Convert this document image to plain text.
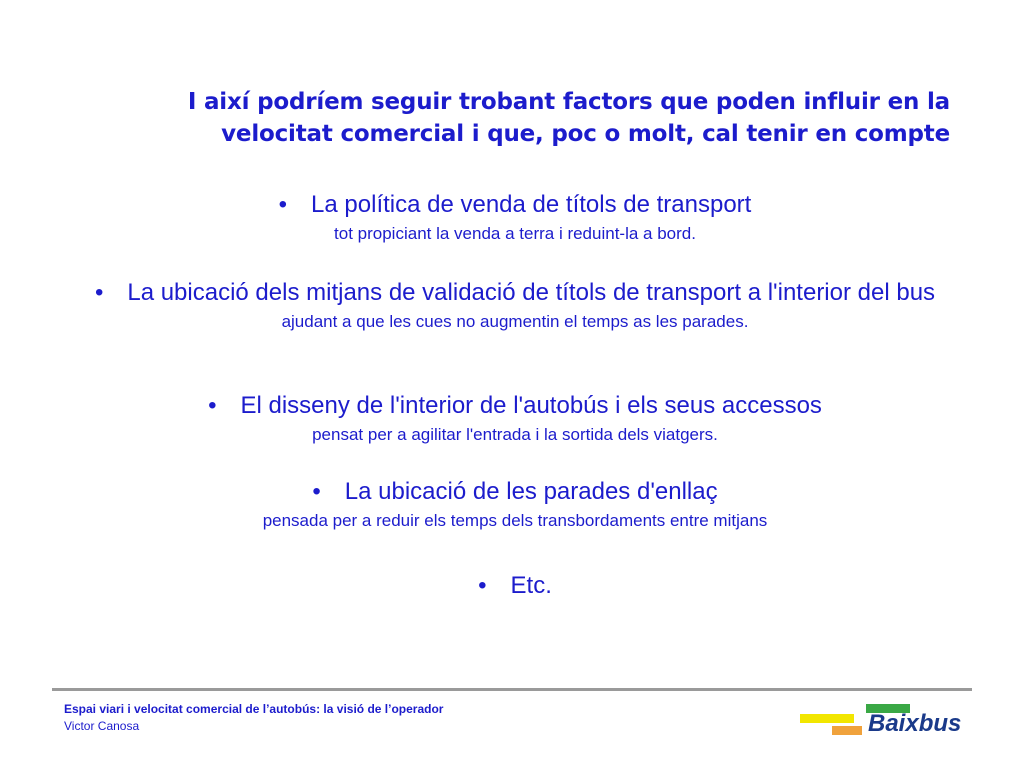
I així podríem seguir trobant factors que poden influir en la velocitat comercial i que, poc o molt, cal tenir en compte
• La política de venda de títols de transport
tot propiciant la venda a terra i reduint-la a bord.
• La ubicació dels mitjans de validació de títols de transport a l'interior del bus
ajudant a que les cues no augmentin el temps as les parades.
• El disseny de l'interior de l'autobús i els seus accessos
pensat per a agilitar l'entrada i la sortida dels viatgers.
• La ubicació de les parades d'enllaç
pensada per a reduir els temps dels transbordaments entre mitjans
• Etc.
Espai viari i velocitat comercial de l’autobús: la visió de l’operador
Victor Canosa	Baixbus
